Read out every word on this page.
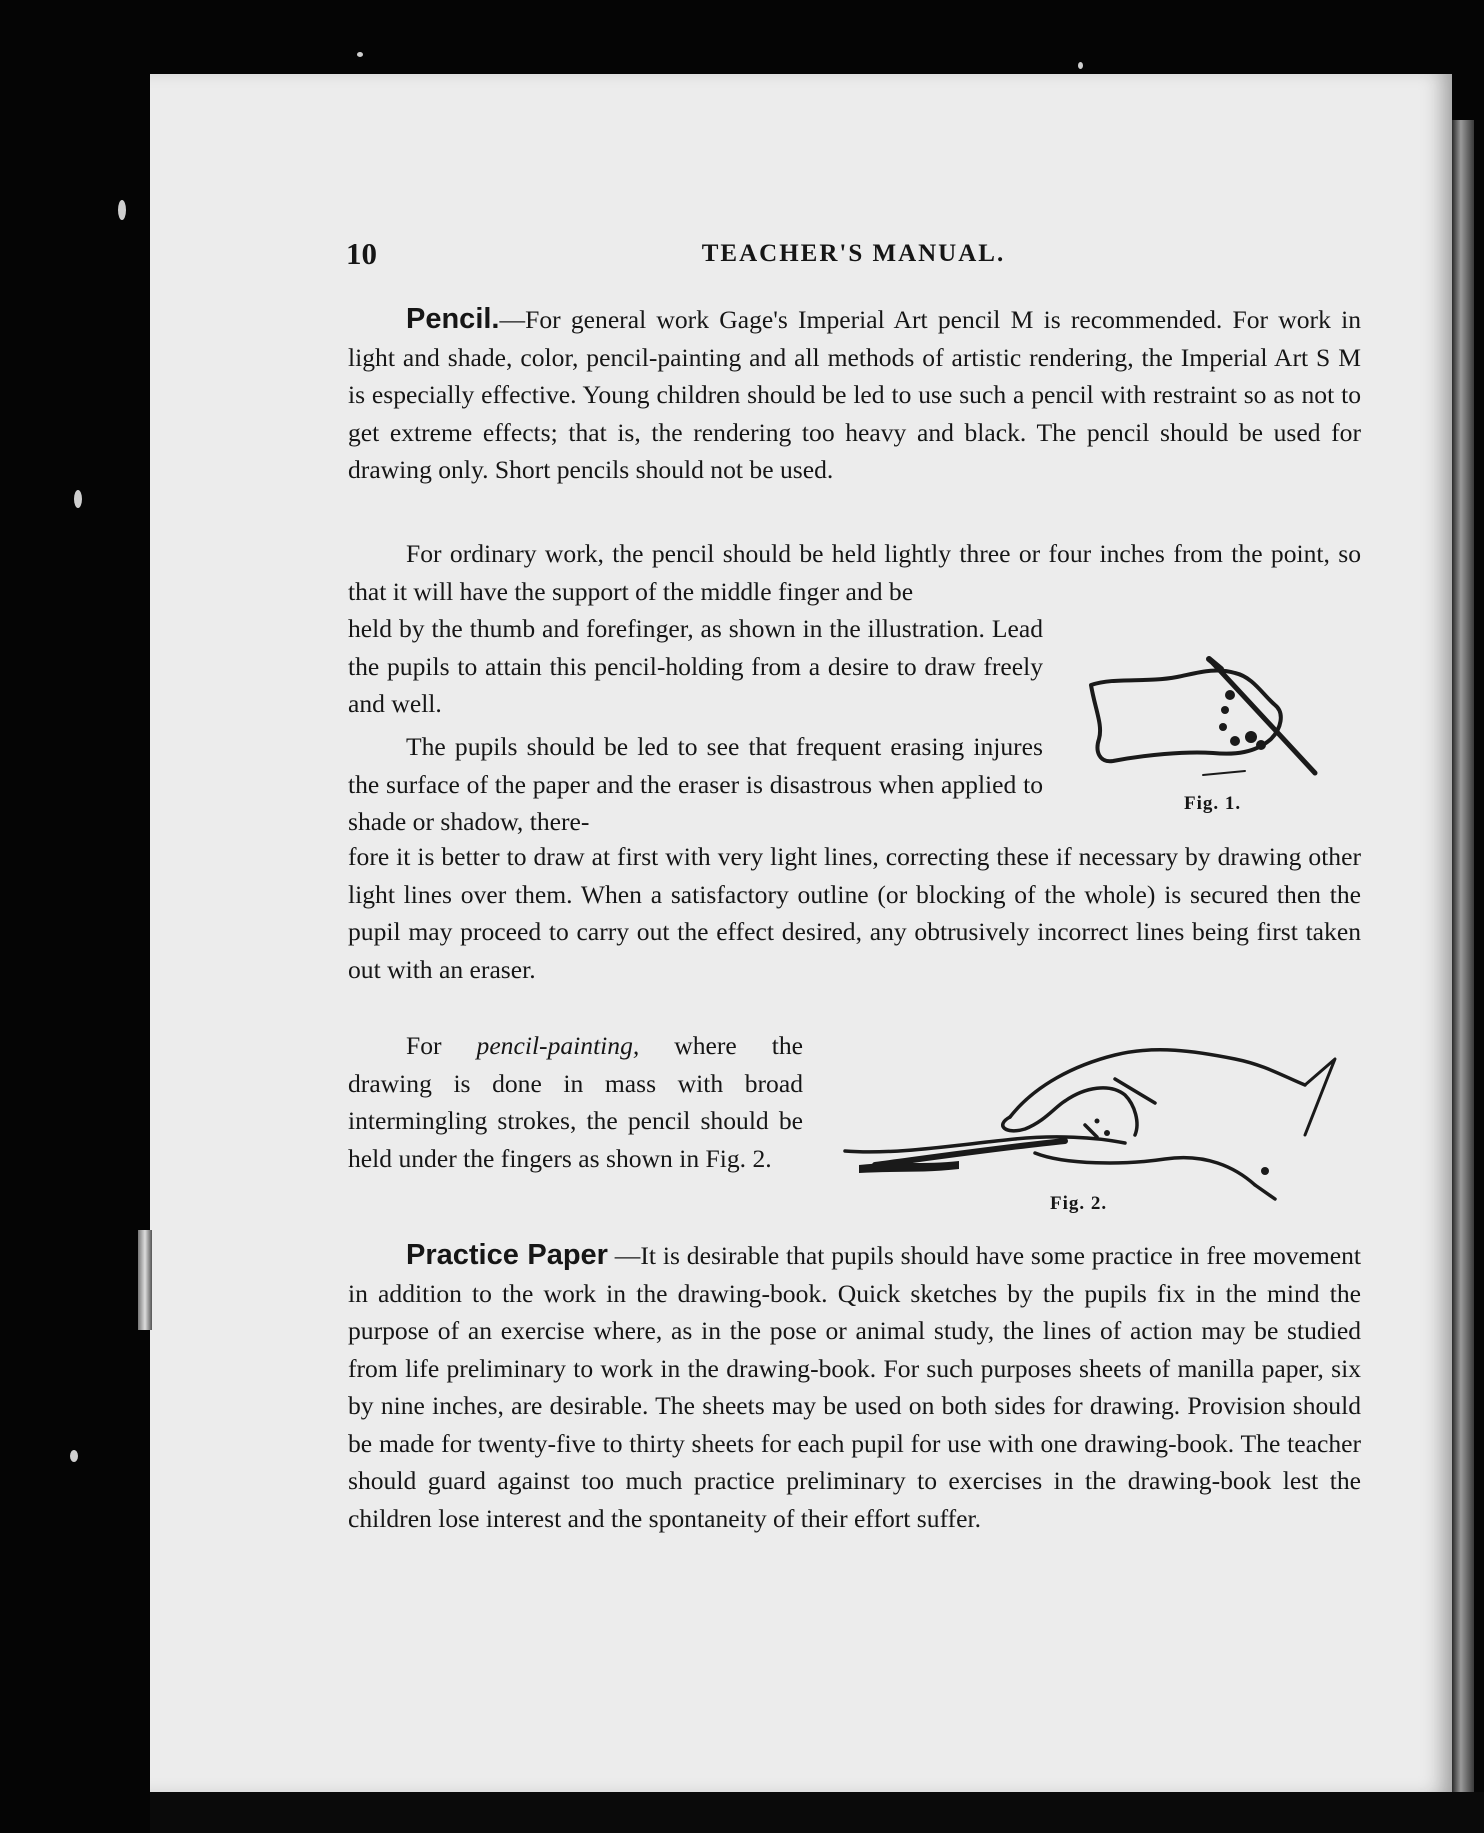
10	TEACHER'S MANUAL.

Pencil.—For general work Gage's Imperial Art pencil M is recommended. For work in light and shade, color, pencil-painting and all methods of artistic rendering, the Imperial Art S M is especially effective. Young children should be led to use such a pencil with restraint so as not to get extreme effects; that is, the rendering too heavy and black. The pencil should be used for drawing only. Short pencils should not be used.

For ordinary work, the pencil should be held lightly three or four inches from the point, so that it will have the support of the middle finger and be

held by the thumb and forefinger, as shown in the illustration. Lead the pupils to attain this pencil-holding from a desire to draw freely and well.

The pupils should be led to see that frequent erasing injures the surface of the paper and the eraser is disastrous when applied to shade or shadow, there-

fore it is better to draw at first with very light lines, correcting these if necessary by drawing other light lines over them. When a satisfactory outline (or blocking of the whole) is secured then the pupil may proceed to carry out the effect desired, any obtrusively incorrect lines being first taken out with an eraser.

For pencil-painting, where the drawing is done in mass with broad intermingling strokes, the pencil should be held under the fingers as shown in Fig. 2.

Practice Paper —It is desirable that pupils should have some practice in free movement in addition to the work in the drawing-book. Quick sketches by the pupils fix in the mind the purpose of an exercise where, as in the pose or animal study, the lines of action may be studied from life preliminary to work in the drawing-book. For such purposes sheets of manilla paper, six by nine inches, are desirable. The sheets may be used on both sides for drawing. Provision should be made for twenty-five to thirty sheets for each pupil for use with one drawing-book. The teacher should guard against too much practice preliminary to exercises in the drawing-book lest the children lose interest and the spontaneity of their effort suffer.

Fig. 1.
Fig. 2.
